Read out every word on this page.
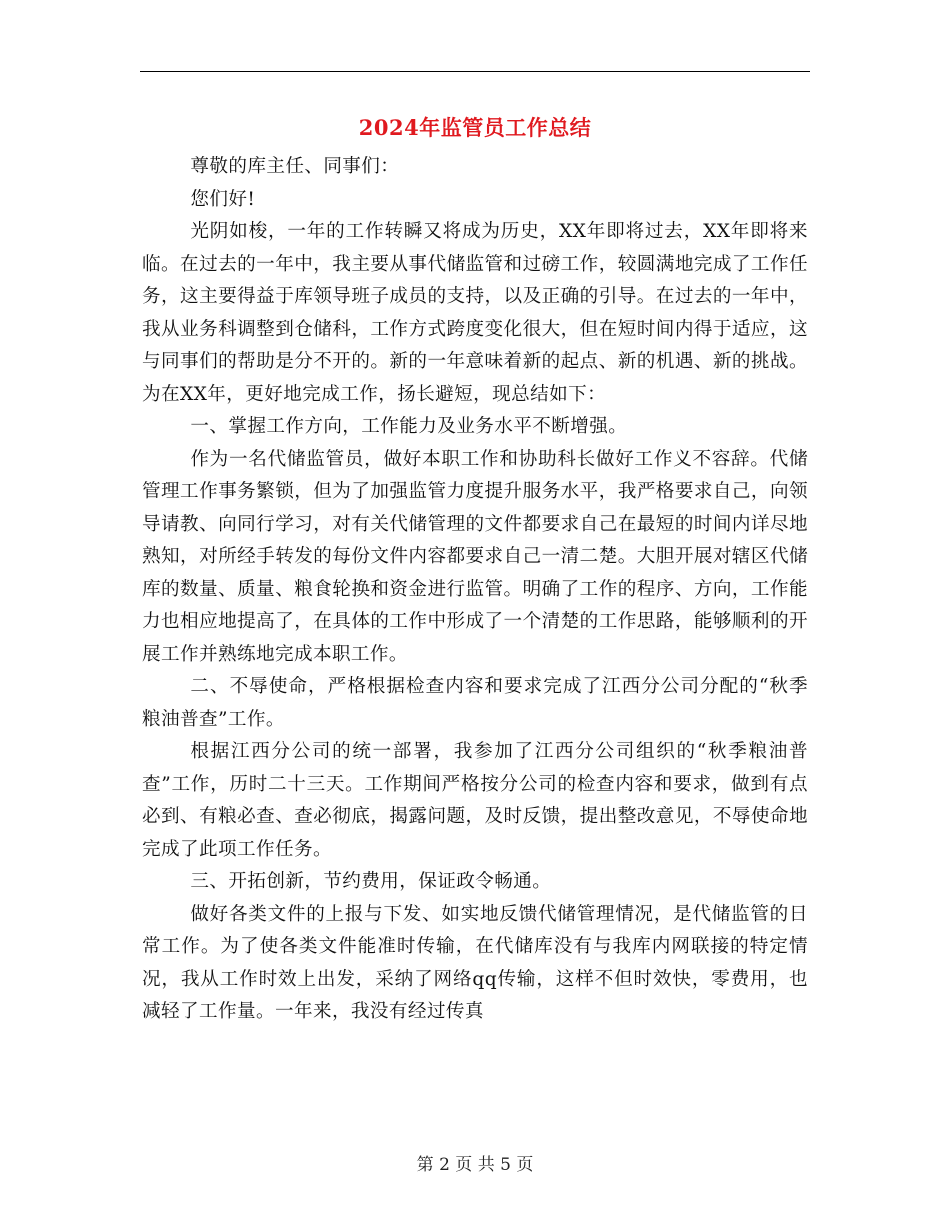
2024年监管员工作总结

尊敬的库主任、同事们：

您们好!

光阴如梭，一年的工作转瞬又将成为历史，XX年即将过去，XX年即将来临。在过去的一年中，我主要从事代储监管和过磅工作，较圆满地完成了工作任务，这主要得益于库领导班子成员的支持，以及正确的引导。在过去的一年中，我从业务科调整到仓储科，工作方式跨度变化很大，但在短时间内得于适应，这与同事们的帮助是分不开的。新的一年意味着新的起点、新的机遇、新的挑战。为在XX年，更好地完成工作，扬长避短，现总结如下：

一、掌握工作方向，工作能力及业务水平不断增强。

作为一名代储监管员，做好本职工作和协助科长做好工作义不容辞。代储管理工作事务繁锁，但为了加强监管力度提升服务水平，我严格要求自己，向领导请教、向同行学习，对有关代储管理的文件都要求自己在最短的时间内详尽地熟知，对所经手转发的每份文件内容都要求自己一清二楚。大胆开展对辖区代储库的数量、质量、粮食轮换和资金进行监管。明确了工作的程序、方向，工作能力也相应地提高了，在具体的工作中形成了一个清楚的工作思路，能够顺利的开展工作并熟练地完成本职工作。

二、不辱使命，严格根据检查内容和要求完成了江西分公司分配的“秋季粮油普查”工作。

根据江西分公司的统一部署，我参加了江西分公司组织的“秋季粮油普查”工作，历时二十三天。工作期间严格按分公司的检查内容和要求，做到有点必到、有粮必查、查必彻底，揭露问题，及时反馈，提出整改意见，不辱使命地完成了此项工作任务。

三、开拓创新，节约费用，保证政令畅通。

做好各类文件的上报与下发、如实地反馈代储管理情况，是代储监管的日常工作。为了使各类文件能准时传输，在代储库没有与我库内网联接的特定情况，我从工作时效上出发，采纳了网络qq传输，这样不但时效快，零费用，也减轻了工作量。一年来，我没有经过传真

第 2 页 共 5 页
